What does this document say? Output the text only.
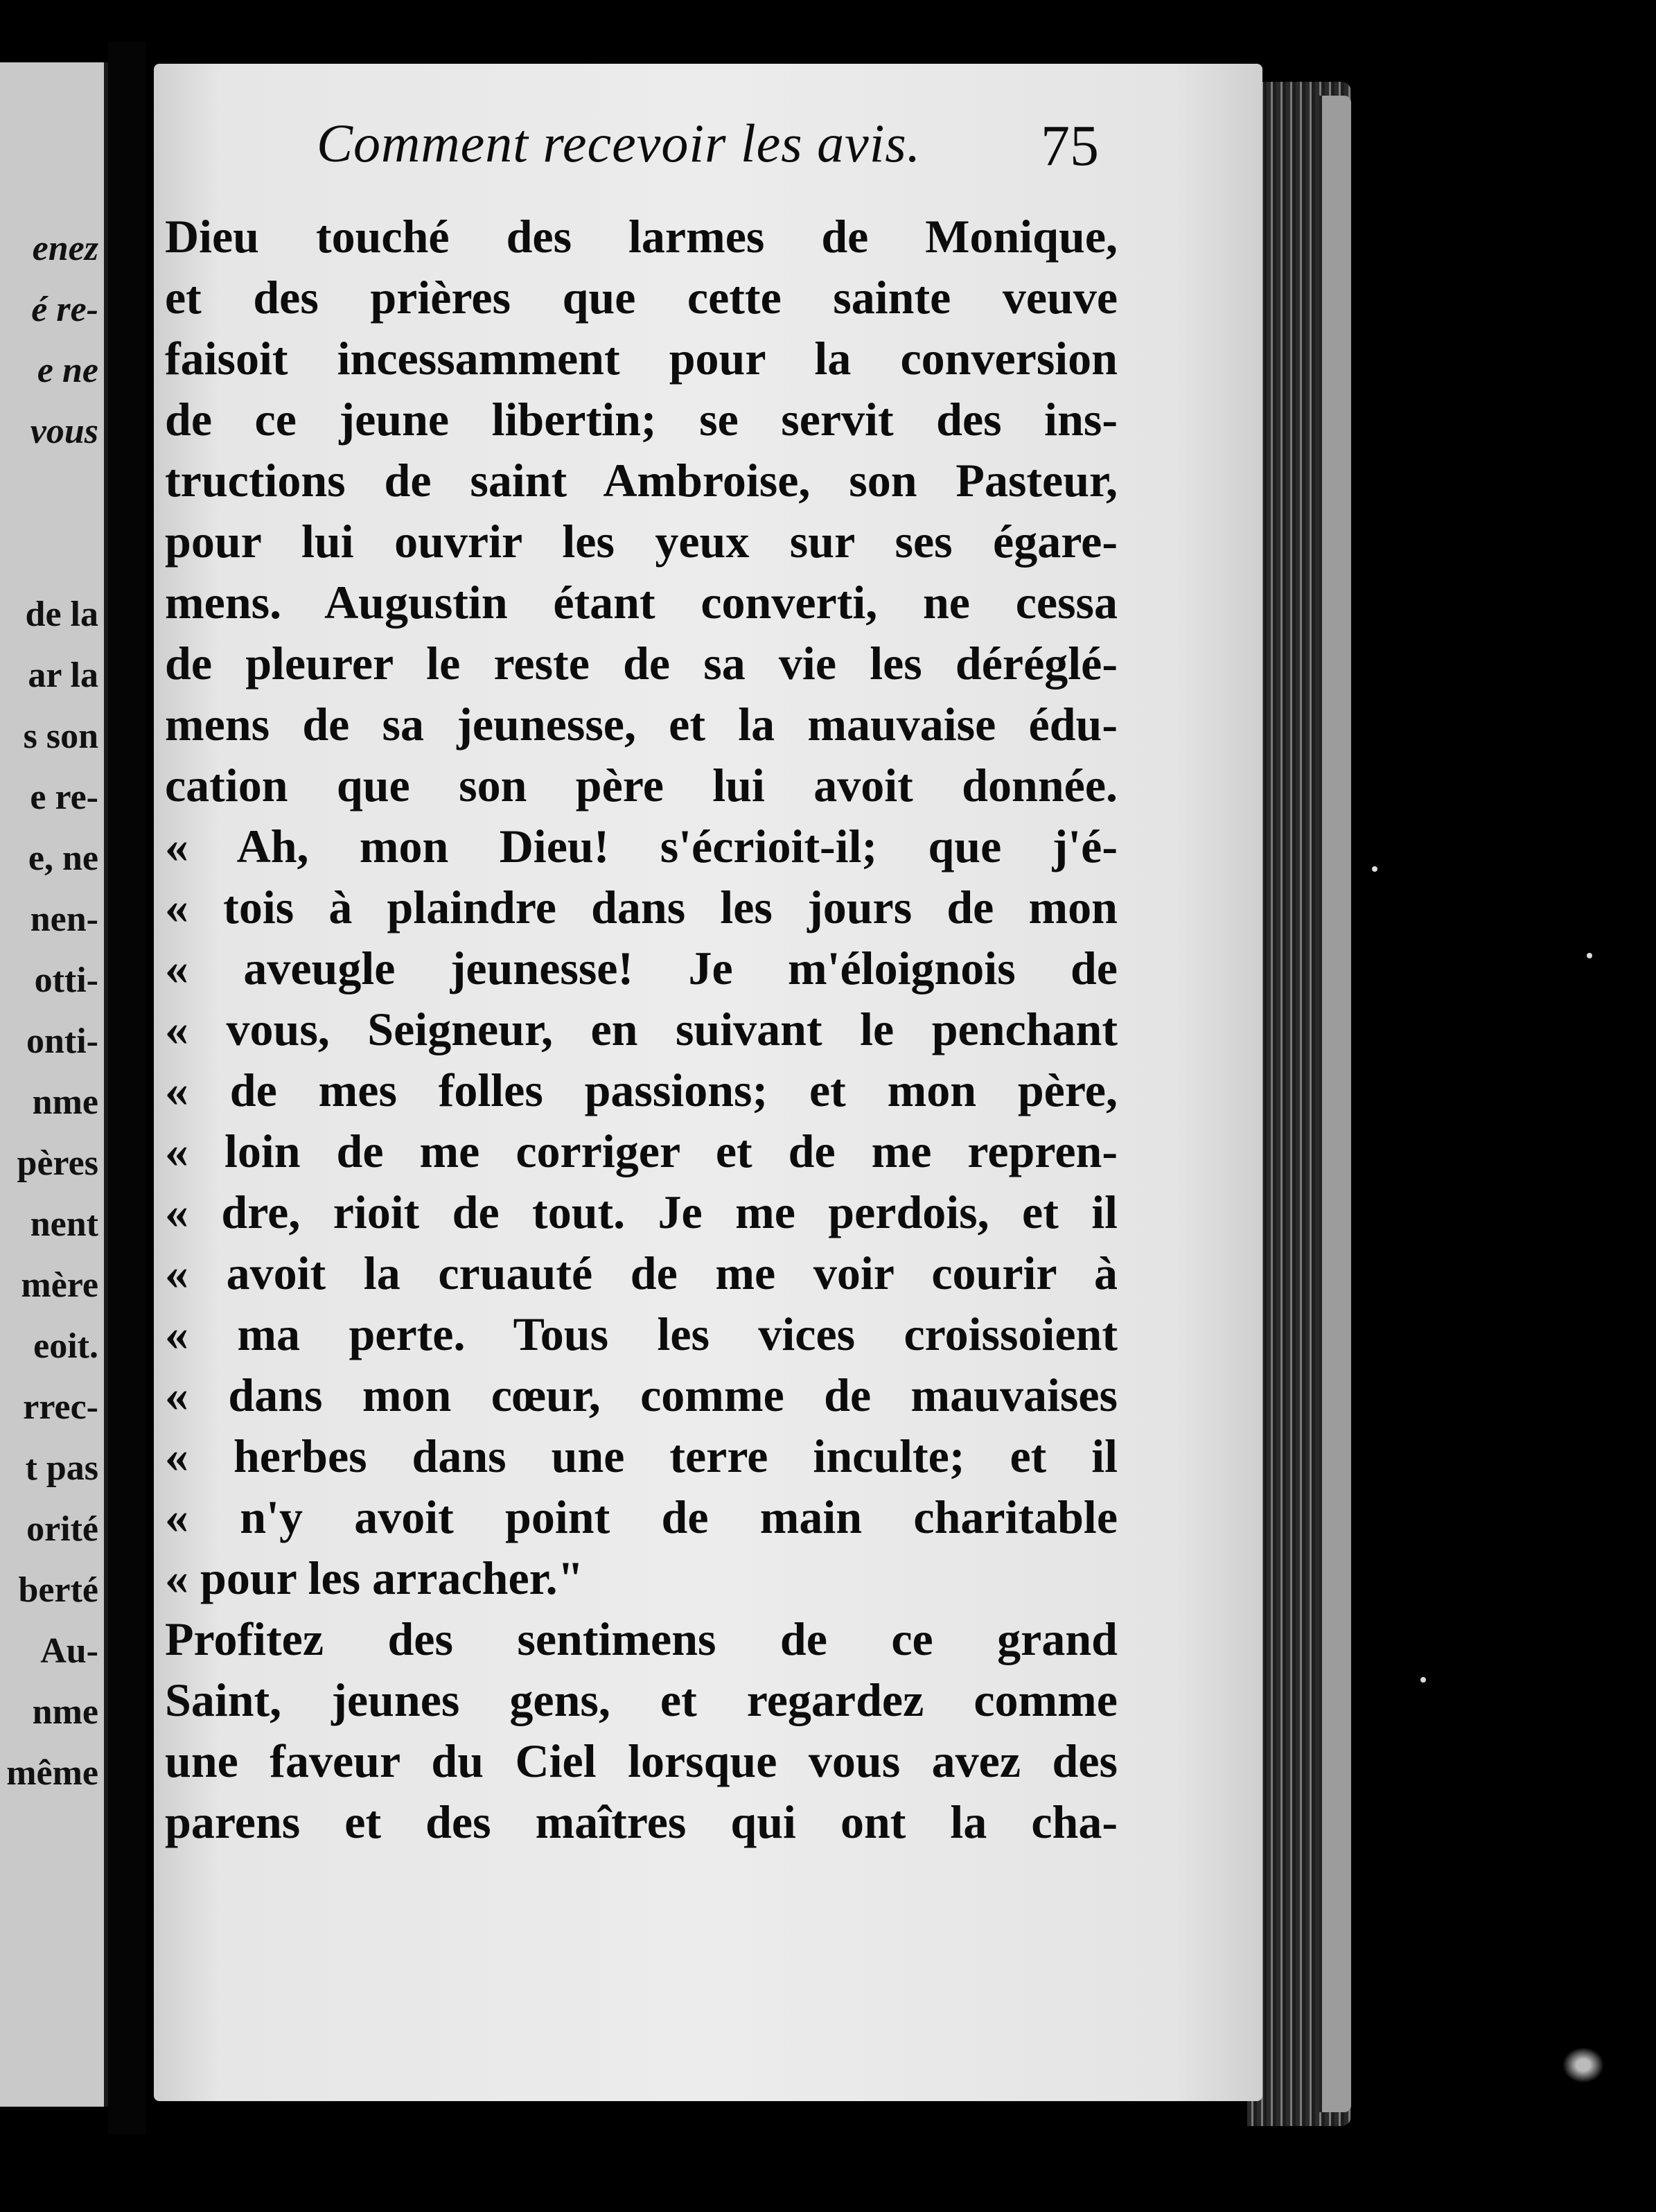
enez
é re-
e ne
vous
de la
ar la
s son
e re-
e, ne
nen-
otti-
onti-
nme
pères
nent
mère
eoit.
rrec-
t pas
orité
berté
Au-
nme
même
Comment recevoir les avis. 75
Dieu touché des larmes de Monique,
et des prières que cette sainte veuve
faisoit incessamment pour la conversion
de ce jeune libertin; se servit des ins-
tructions de saint Ambroise, son Pasteur,
pour lui ouvrir les yeux sur ses égare-
mens. Augustin étant converti, ne cessa
de pleurer le reste de sa vie les déréglé-
mens de sa jeunesse, et la mauvaise édu-
cation que son père lui avoit donnée.
« Ah, mon Dieu! s'écrioit-il; que j'é-
« tois à plaindre dans les jours de mon
« aveugle jeunesse! Je m'éloignois de
« vous, Seigneur, en suivant le penchant
« de mes folles passions; et mon père,
« loin de me corriger et de me repren-
« dre, rioit de tout. Je me perdois, et il
« avoit la cruauté de me voir courir à
« ma perte. Tous les vices croissoient
« dans mon cœur, comme de mauvaises
« herbes dans une terre inculte; et il
« n'y avoit point de main charitable
« pour les arracher."
Profitez des sentimens de ce grand
Saint, jeunes gens, et regardez comme
une faveur du Ciel lorsque vous avez des
parens et des maîtres qui ont la cha-
